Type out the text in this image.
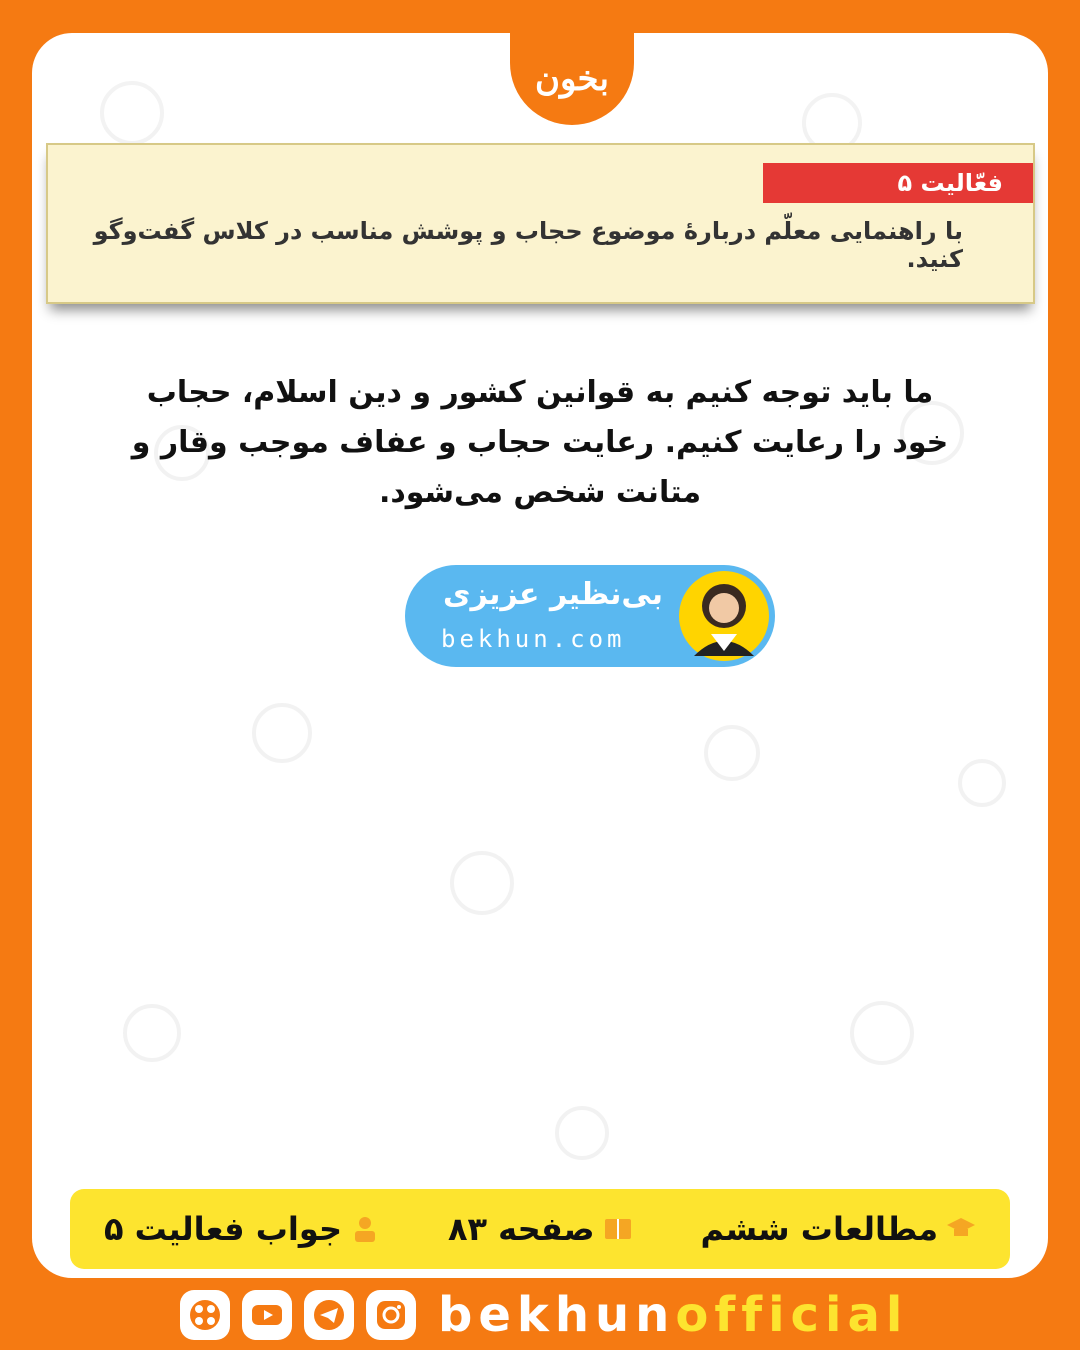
بخون
بی‌نظیر عزیزی
bekhun.com
فعّالیت ۵
با راهنمایی معلّم دربارهٔ موضوع حجاب و پوشش مناسب در کلاس گفت‌وگو کنید.
ما باید توجه کنیم به قوانین کشور و دین اسلام، حجاب خود را رعایت کنیم. رعایت حجاب و عفاف موجب وقار و متانت شخص می‌شود.
جواب فعالیت ۵	صفحه ۸۳	مطالعات ششم
bekhunofficial
